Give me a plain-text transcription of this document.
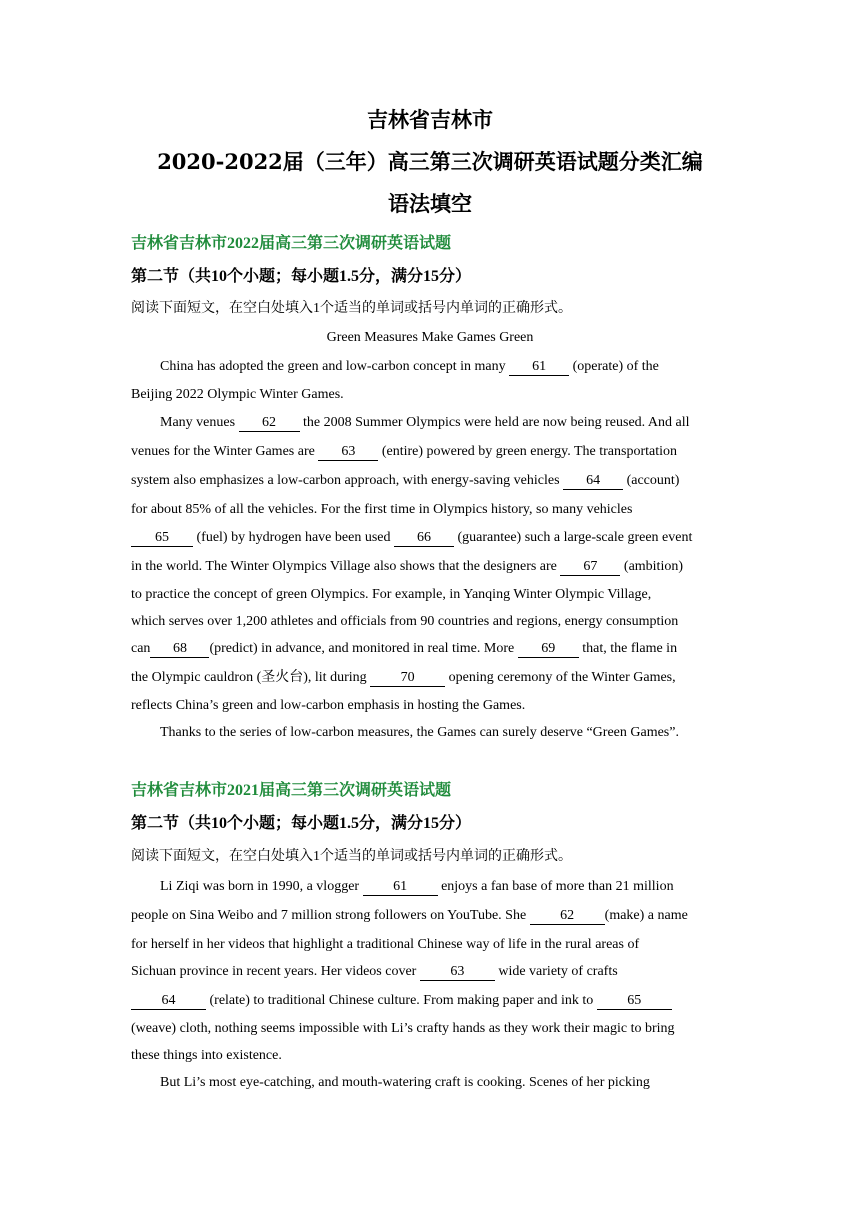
吉林省吉林市
2020-2022届（三年）高三第三次调研英语试题分类汇编
语法填空
吉林省吉林市2022届高三第三次调研英语试题
第二节（共10个小题；每小题1.5分，满分15分）
阅读下面短文，在空白处填入1个适当的单词或括号内单词的正确形式。
Green Measures Make Games Green
China has adopted the green and low-carbon concept in many 61 (operate) of the
Beijing 2022 Olympic Winter Games.
Many venues 62 the 2008 Summer Olympics were held are now being reused. And all
venues for the Winter Games are 63 (entire) powered by green energy. The transportation
system also emphasizes a low-carbon approach, with energy-saving vehicles 64 (account)
for about 85% of all the vehicles. For the first time in Olympics history, so many vehicles
65 (fuel) by hydrogen have been used 66 (guarantee) such a large-scale green event
in the world. The Winter Olympics Village also shows that the designers are 67 (ambition)
to practice the concept of green Olympics. For example, in Yanqing Winter Olympic Village,
which serves over 1,200 athletes and officials from 90 countries and regions, energy consumption
can 68 (predict) in advance, and monitored in real time. More 69 that, the flame in
the Olympic cauldron (圣火台), lit during 70 opening ceremony of the Winter Games,
reflects China’s green and low-carbon emphasis in hosting the Games.
Thanks to the series of low-carbon measures, the Games can surely deserve “Green Games”.
吉林省吉林市2021届高三第三次调研英语试题
第二节（共10个小题；每小题1.5分，满分15分）
阅读下面短文，在空白处填入1个适当的单词或括号内单词的正确形式。
Li Ziqi was born in 1990, a vlogger 61 enjoys a fan base of more than 21 million
people on Sina Weibo and 7 million strong followers on YouTube. She 62 (make) a name
for herself in her videos that highlight a traditional Chinese way of life in the rural areas of
Sichuan province in recent years. Her videos cover 63 wide variety of crafts
64 (relate) to traditional Chinese culture. From making paper and ink to 65
(weave) cloth, nothing seems impossible with Li’s crafty hands as they work their magic to bring
these things into existence.
But Li’s most eye-catching, and mouth-watering craft is cooking. Scenes of her picking
